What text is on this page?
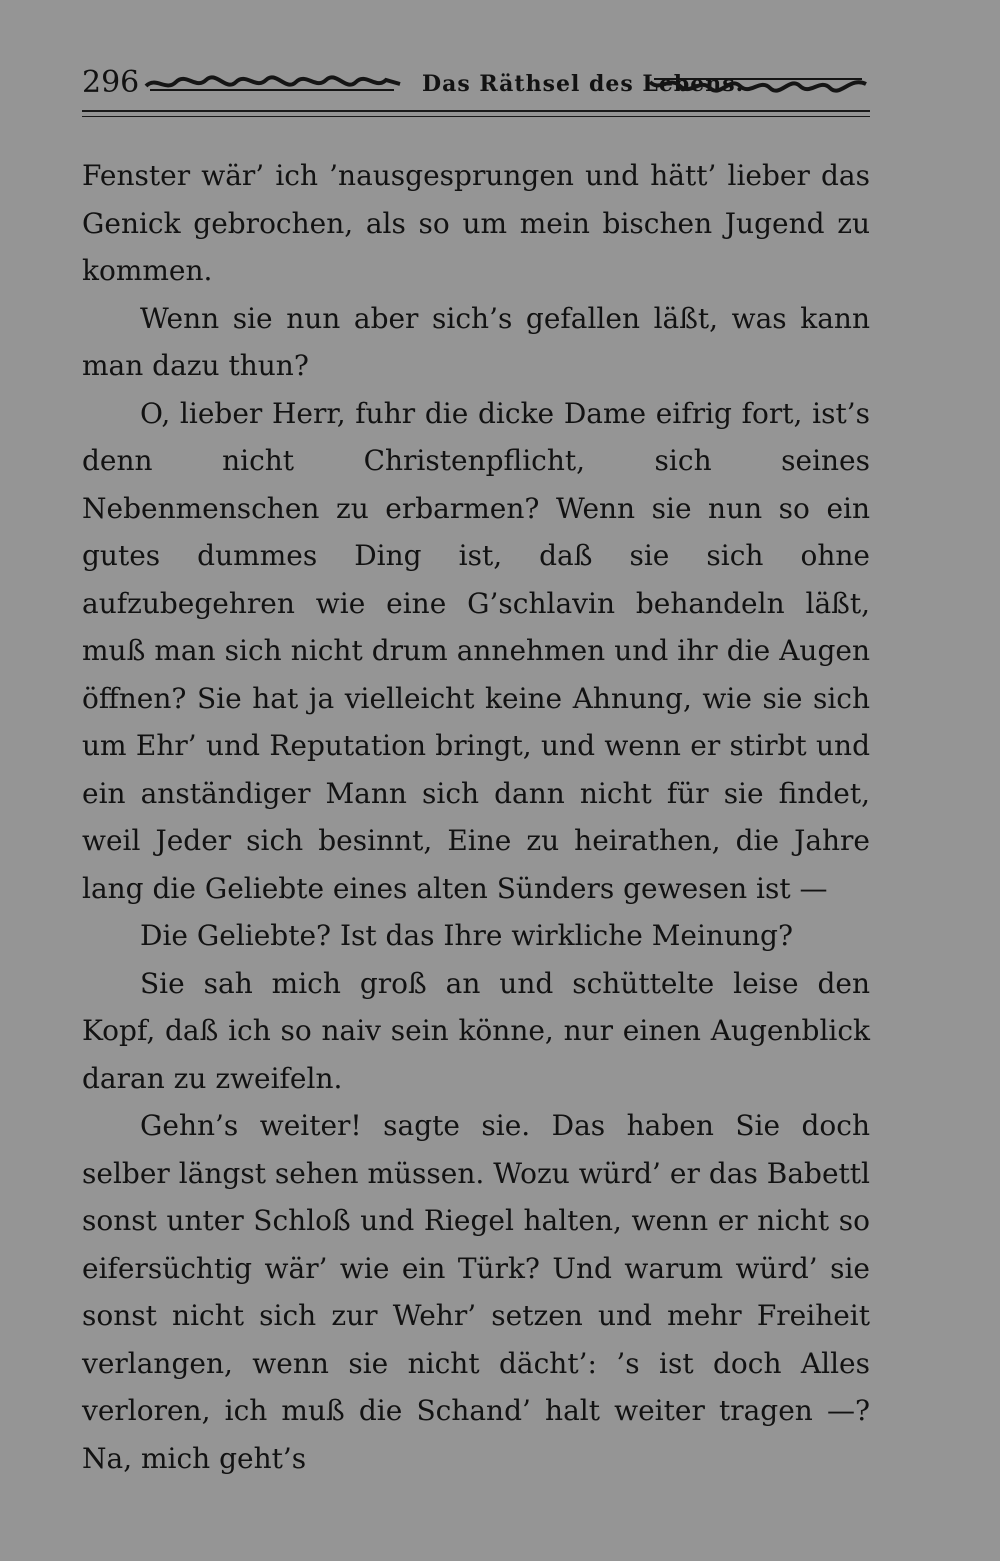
296	Das Räthsel des Lebens.

Fenster wär’ ich ’nausgesprungen und hätt’ lieber das Genick gebrochen, als so um mein bischen Jugend zu kommen.

Wenn sie nun aber sich’s gefallen läßt, was kann man dazu thun?

O, lieber Herr, fuhr die dicke Dame eifrig fort, ist’s denn nicht Christenpflicht, sich seines Nebenmenschen zu erbarmen? Wenn sie nun so ein gutes dummes Ding ist, daß sie sich ohne aufzubegehren wie eine G’schlavin behandeln läßt, muß man sich nicht drum annehmen und ihr die Augen öffnen? Sie hat ja vielleicht keine Ahnung, wie sie sich um Ehr’ und Reputation bringt, und wenn er stirbt und ein anständiger Mann sich dann nicht für sie findet, weil Jeder sich besinnt, Eine zu heirathen, die Jahre lang die Geliebte eines alten Sünders gewesen ist —

Die Geliebte? Ist das Ihre wirkliche Meinung?

Sie sah mich groß an und schüttelte leise den Kopf, daß ich so naiv sein könne, nur einen Augenblick daran zu zweifeln.

Gehn’s weiter! sagte sie. Das haben Sie doch selber längst sehen müssen. Wozu würd’ er das Babettl sonst unter Schloß und Riegel halten, wenn er nicht so eifersüchtig wär’ wie ein Türk? Und warum würd’ sie sonst nicht sich zur Wehr’ setzen und mehr Freiheit verlangen, wenn sie nicht dächt’: ’s ist doch Alles verloren, ich muß die Schand’ halt weiter tragen —? Na, mich geht’s
